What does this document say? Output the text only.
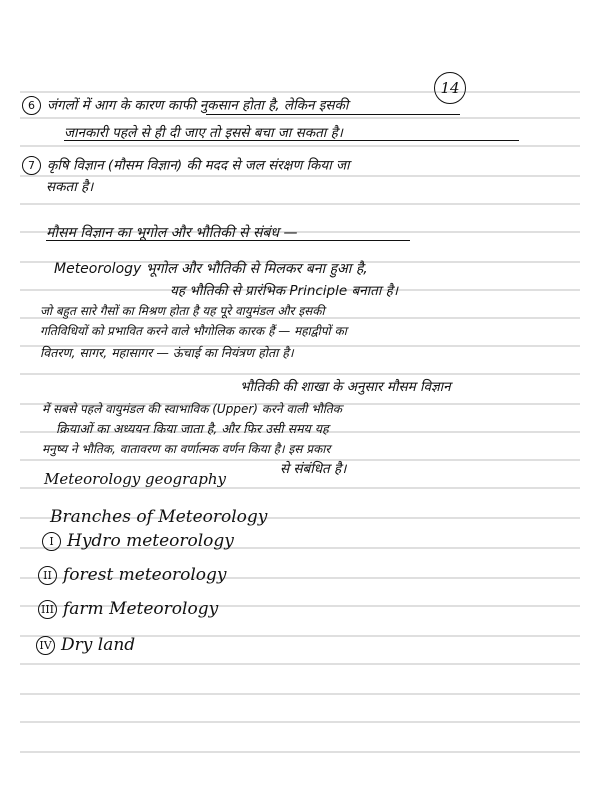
14
6 जंगलों में आग के कारण काफी नुकसान होता है, लेकिन इसकी
जानकारी पहले से ही दी जाए तो इससे बचा जा सकता है।
7 कृषि विज्ञान (मौसम विज्ञान) की मदद से जल संरक्षण किया जा
सकता है।
मौसम विज्ञान का भूगोल और भौतिकी से संबंध —
Meteorology भूगोल और भौतिकी से मिलकर बना हुआ है,
यह भौतिकी से प्रारंभिक Principle बनाता है।
जो बहुत सारे गैसों का मिश्रण होता है यह पूरे वायुमंडल और इसकी
गतिविधियों को प्रभावित करने वाले भौगोलिक कारक हैं — महाद्वीपों का
वितरण, सागर, महासागर — ऊंचाई का नियंत्रण होता है।
भौतिकी की शाखा के अनुसार मौसम विज्ञान
में सबसे पहले वायुमंडल की स्वाभाविक (Upper) करने वाली भौतिक
क्रियाओं का अध्ययन किया जाता है, और फिर उसी समय यह
मनुष्य ने भौतिक, वातावरण का वर्णात्मक वर्णन किया है। इस प्रकार
से संबंधित है।
Meteorology geography
Branches of Meteorology
I Hydro meteorology
II forest meteorology
III farm Meteorology
IV Dry land
